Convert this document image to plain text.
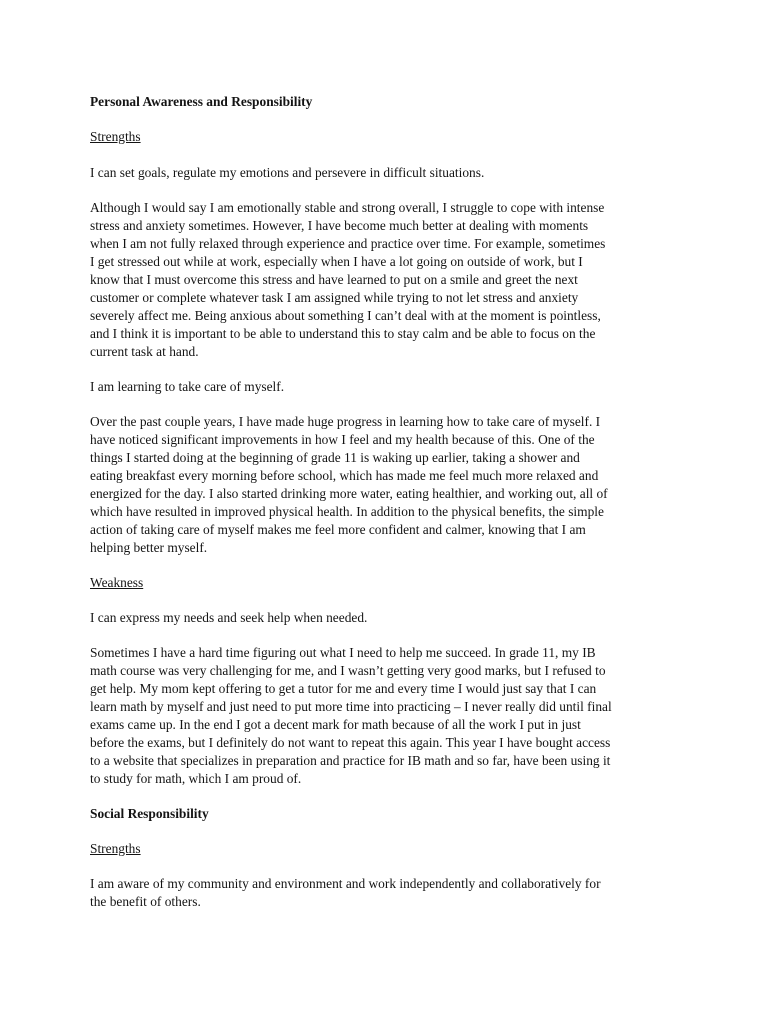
Personal Awareness and Responsibility

Strengths

I can set goals, regulate my emotions and persevere in difficult situations.

Although I would say I am emotionally stable and strong overall, I struggle to cope with intense
stress and anxiety sometimes. However, I have become much better at dealing with moments
when I am not fully relaxed through experience and practice over time. For example, sometimes
I get stressed out while at work, especially when I have a lot going on outside of work, but I
know that I must overcome this stress and have learned to put on a smile and greet the next
customer or complete whatever task I am assigned while trying to not let stress and anxiety
severely affect me. Being anxious about something I can’t deal with at the moment is pointless,
and I think it is important to be able to understand this to stay calm and be able to focus on the
current task at hand.

I am learning to take care of myself.

Over the past couple years, I have made huge progress in learning how to take care of myself. I
have noticed significant improvements in how I feel and my health because of this. One of the
things I started doing at the beginning of grade 11 is waking up earlier, taking a shower and
eating breakfast every morning before school, which has made me feel much more relaxed and
energized for the day. I also started drinking more water, eating healthier, and working out, all of
which have resulted in improved physical health. In addition to the physical benefits, the simple
action of taking care of myself makes me feel more confident and calmer, knowing that I am
helping better myself.

Weakness

I can express my needs and seek help when needed.

Sometimes I have a hard time figuring out what I need to help me succeed. In grade 11, my IB
math course was very challenging for me, and I wasn’t getting very good marks, but I refused to
get help. My mom kept offering to get a tutor for me and every time I would just say that I can
learn math by myself and just need to put more time into practicing – I never really did until final
exams came up. In the end I got a decent mark for math because of all the work I put in just
before the exams, but I definitely do not want to repeat this again. This year I have bought access
to a website that specializes in preparation and practice for IB math and so far, have been using it
to study for math, which I am proud of.

Social Responsibility

Strengths

I am aware of my community and environment and work independently and collaboratively for
the benefit of others.
